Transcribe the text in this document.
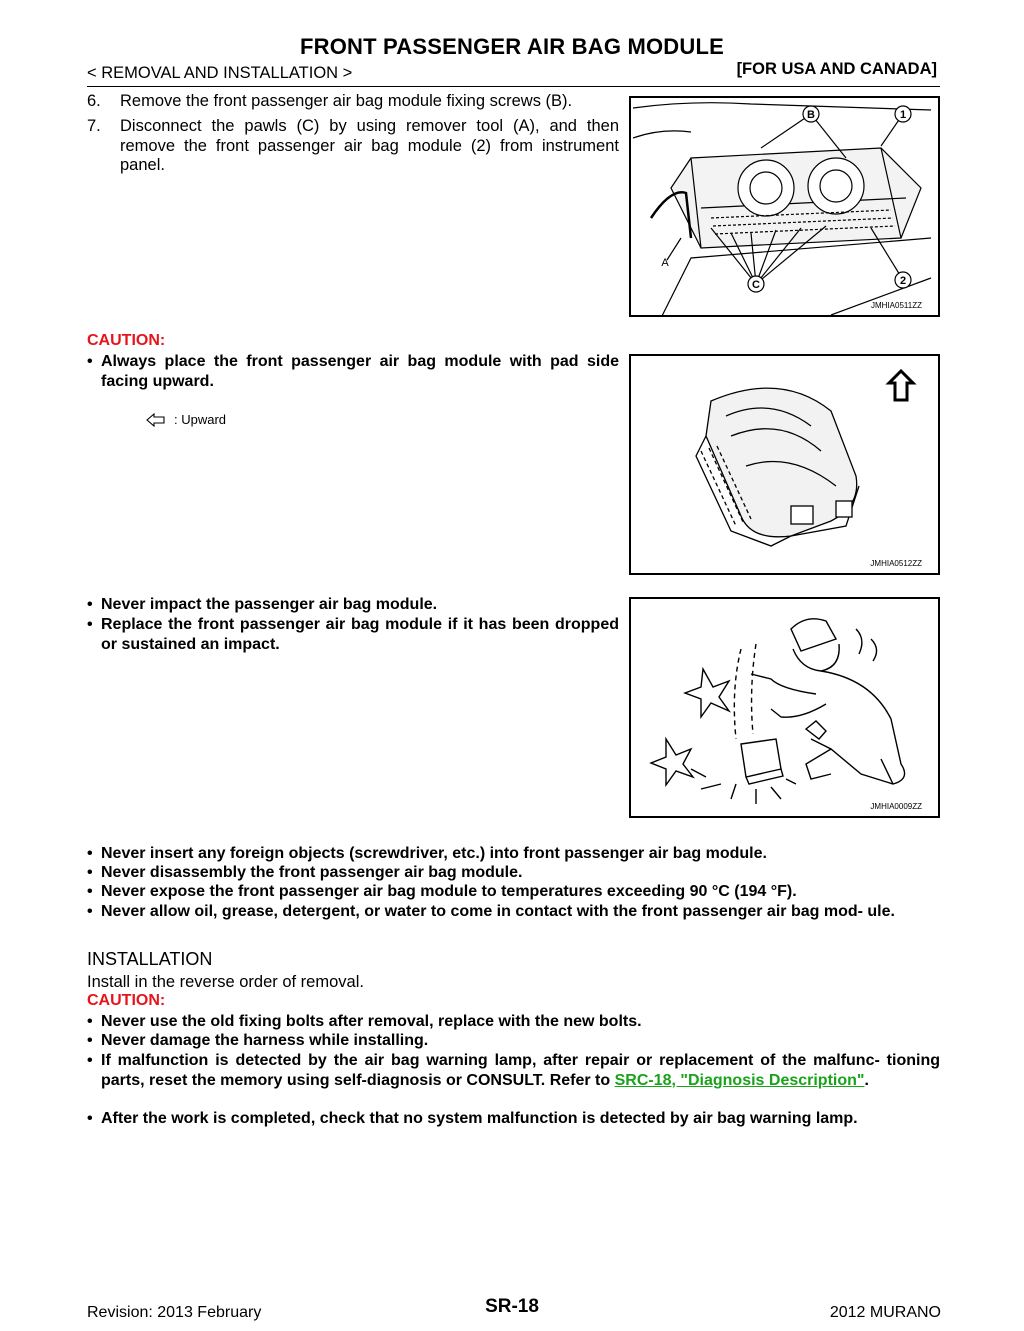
FRONT PASSENGER AIR BAG MODULE
< REMOVAL AND INSTALLATION >	[FOR USA AND CANADA]
6. Remove the front passenger air bag module fixing screws (B).
7. Disconnect the pawls (C) by using remover tool (A), and then remove the front passenger air bag module (2) from instrument panel.
B	1
2
C
A
JMHIA0511ZZ
CAUTION:
• Always place the front passenger air bag module with pad side facing upward.
: Upward
JMHIA0512ZZ
• Never impact the passenger air bag module.
• Replace the front passenger air bag module if it has been dropped or sustained an impact.
JMHIA0009ZZ
• Never insert any foreign objects (screwdriver, etc.) into front passenger air bag module.
• Never disassembly the front passenger air bag module.
• Never expose the front passenger air bag module to temperatures exceeding 90 °C (194 °F).
• Never allow oil, grease, detergent, or water to come in contact with the front passenger air bag mod- ule.
INSTALLATION
Install in the reverse order of removal.
CAUTION:
• Never use the old fixing bolts after removal, replace with the new bolts.
• Never damage the harness while installing.
• If malfunction is detected by the air bag warning lamp, after repair or replacement of the malfunc- tioning parts, reset the memory using self-diagnosis or CONSULT. Refer to SRC-18, "Diagnosis Description".
• After the work is completed, check that no system malfunction is detected by air bag warning lamp.
Revision: 2013 February	SR-18	2012 MURANO
